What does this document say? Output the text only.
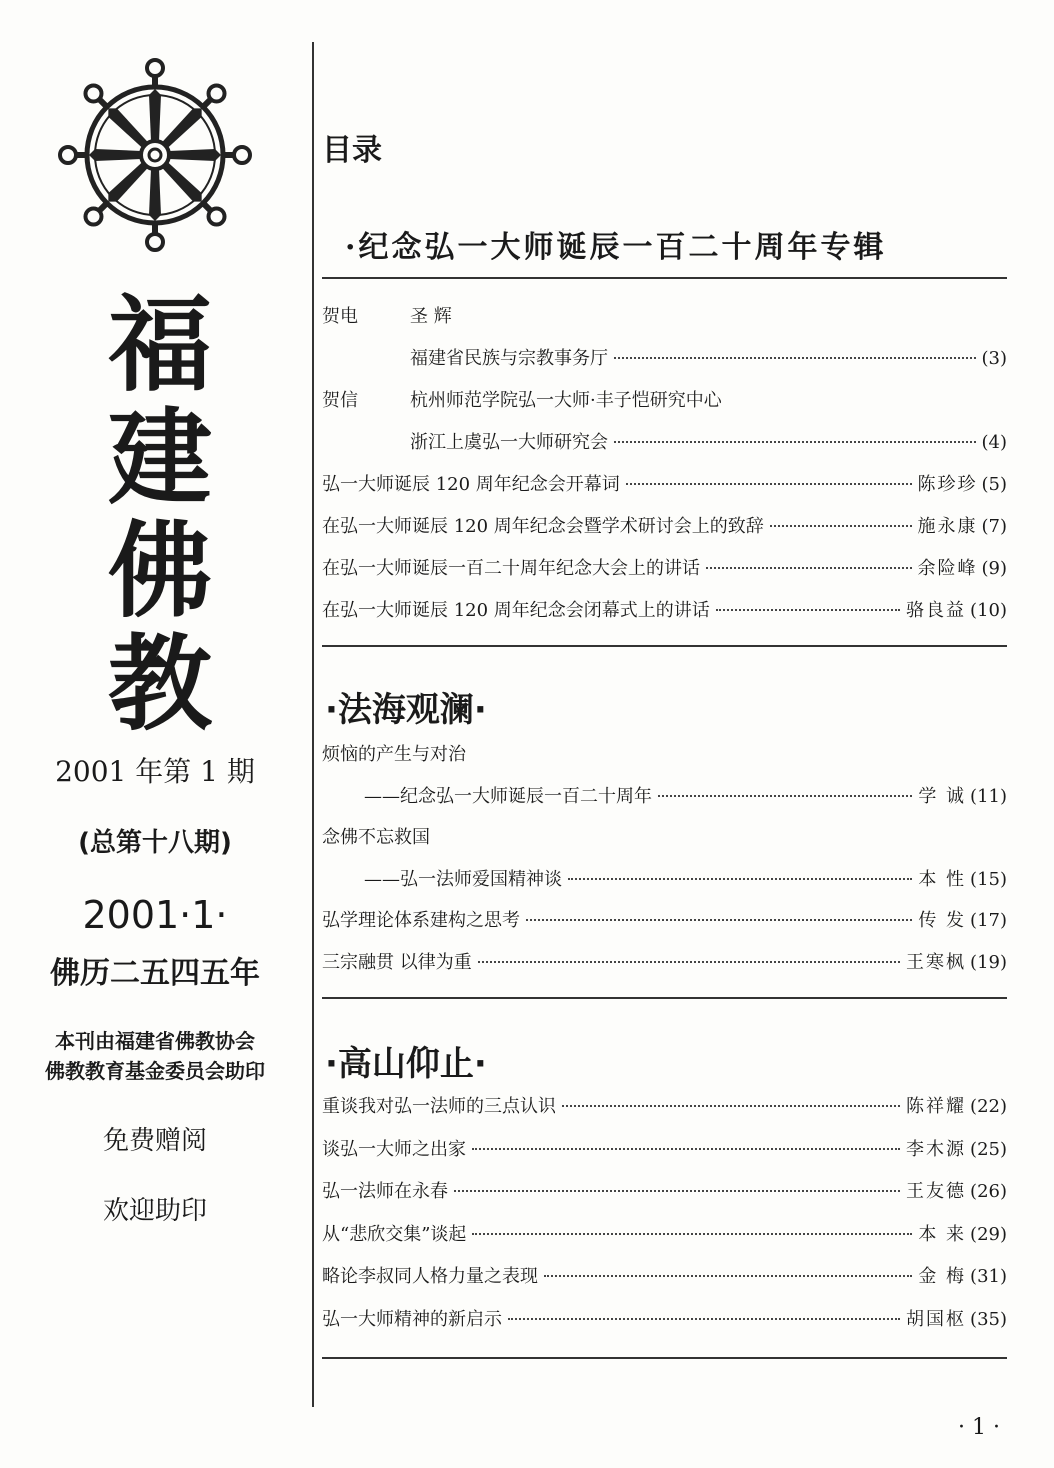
福
建
佛
教
2001 年第 1 期
(总第十八期)
2001·1·
佛历二五四五年
本刊由福建省佛教协会
佛教教育基金委员会助印
免费赠阅
欢迎助印
目录
·纪念弘一大师诞辰一百二十周年专辑
贺电	圣 辉
福建省民族与宗教事务厅	(3)
贺信	杭州师范学院弘一大师·丰子恺研究中心
浙江上虞弘一大师研究会	(4)
弘一大师诞辰 120 周年纪念会开幕词	陈珍珍 (5)
在弘一大师诞辰 120 周年纪念会暨学术研讨会上的致辞	施永康 (7)
在弘一大师诞辰一百二十周年纪念大会上的讲话	余险峰 (9)
在弘一大师诞辰 120 周年纪念会闭幕式上的讲话	骆良益 (10)
·法海观澜·
烦恼的产生与对治
——纪念弘一大师诞辰一百二十周年	学 诚 (11)
念佛不忘救国
——弘一法师爱国精神谈	本 性 (15)
弘学理论体系建构之思考	传 发 (17)
三宗融贯 以律为重	王寒枫 (19)
·高山仰止·
重谈我对弘一法师的三点认识	陈祥耀 (22)
谈弘一大师之出家	李木源 (25)
弘一法师在永春	王友德 (26)
从“悲欣交集”谈起	本 来 (29)
略论李叔同人格力量之表现	金 梅 (31)
弘一大师精神的新启示	胡国枢 (35)
· 1 ·
